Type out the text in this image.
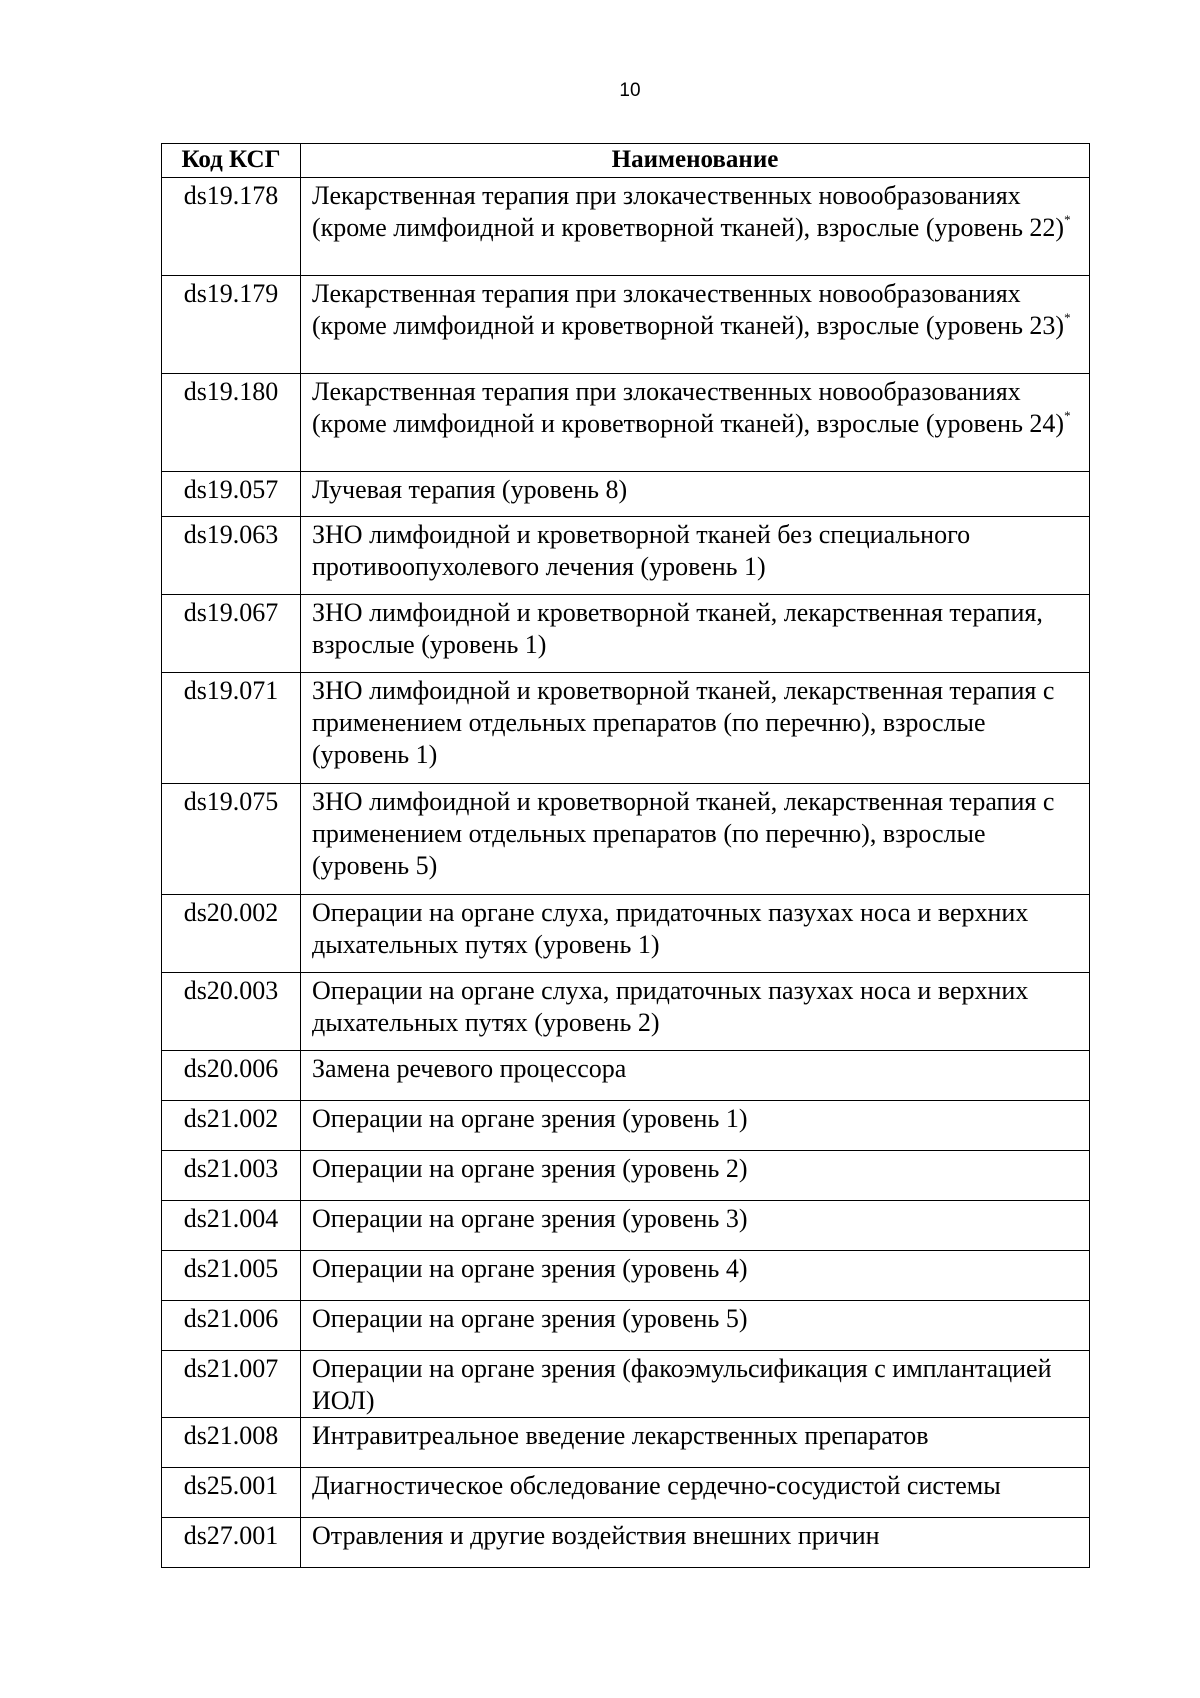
10
Код КСГ	Наименование
ds19.178	Лекарственная терапия при злокачественных новообразованиях (кроме лимфоидной и кроветворной тканей), взрослые (уровень 22)*
ds19.179	Лекарственная терапия при злокачественных новообразованиях (кроме лимфоидной и кроветворной тканей), взрослые (уровень 23)*
ds19.180	Лекарственная терапия при злокачественных новообразованиях (кроме лимфоидной и кроветворной тканей), взрослые (уровень 24)*
ds19.057	Лучевая терапия (уровень 8)
ds19.063	ЗНО лимфоидной и кроветворной тканей без специального противоопухолевого лечения (уровень 1)
ds19.067	ЗНО лимфоидной и кроветворной тканей, лекарственная терапия, взрослые (уровень 1)
ds19.071	ЗНО лимфоидной и кроветворной тканей, лекарственная терапия с применением отдельных препаратов (по перечню), взрослые (уровень 1)
ds19.075	ЗНО лимфоидной и кроветворной тканей, лекарственная терапия с применением отдельных препаратов (по перечню), взрослые (уровень 5)
ds20.002	Операции на органе слуха, придаточных пазухах носа и верхних дыхательных путях (уровень 1)
ds20.003	Операции на органе слуха, придаточных пазухах носа и верхних дыхательных путях (уровень 2)
ds20.006	Замена речевого процессора
ds21.002	Операции на органе зрения (уровень 1)
ds21.003	Операции на органе зрения (уровень 2)
ds21.004	Операции на органе зрения (уровень 3)
ds21.005	Операции на органе зрения (уровень 4)
ds21.006	Операции на органе зрения (уровень 5)
ds21.007	Операции на органе зрения (факоэмульсификация с имплантацией ИОЛ)
ds21.008	Интравитреальное введение лекарственных препаратов
ds25.001	Диагностическое обследование сердечно-сосудистой системы
ds27.001	Отравления и другие воздействия внешних причин
